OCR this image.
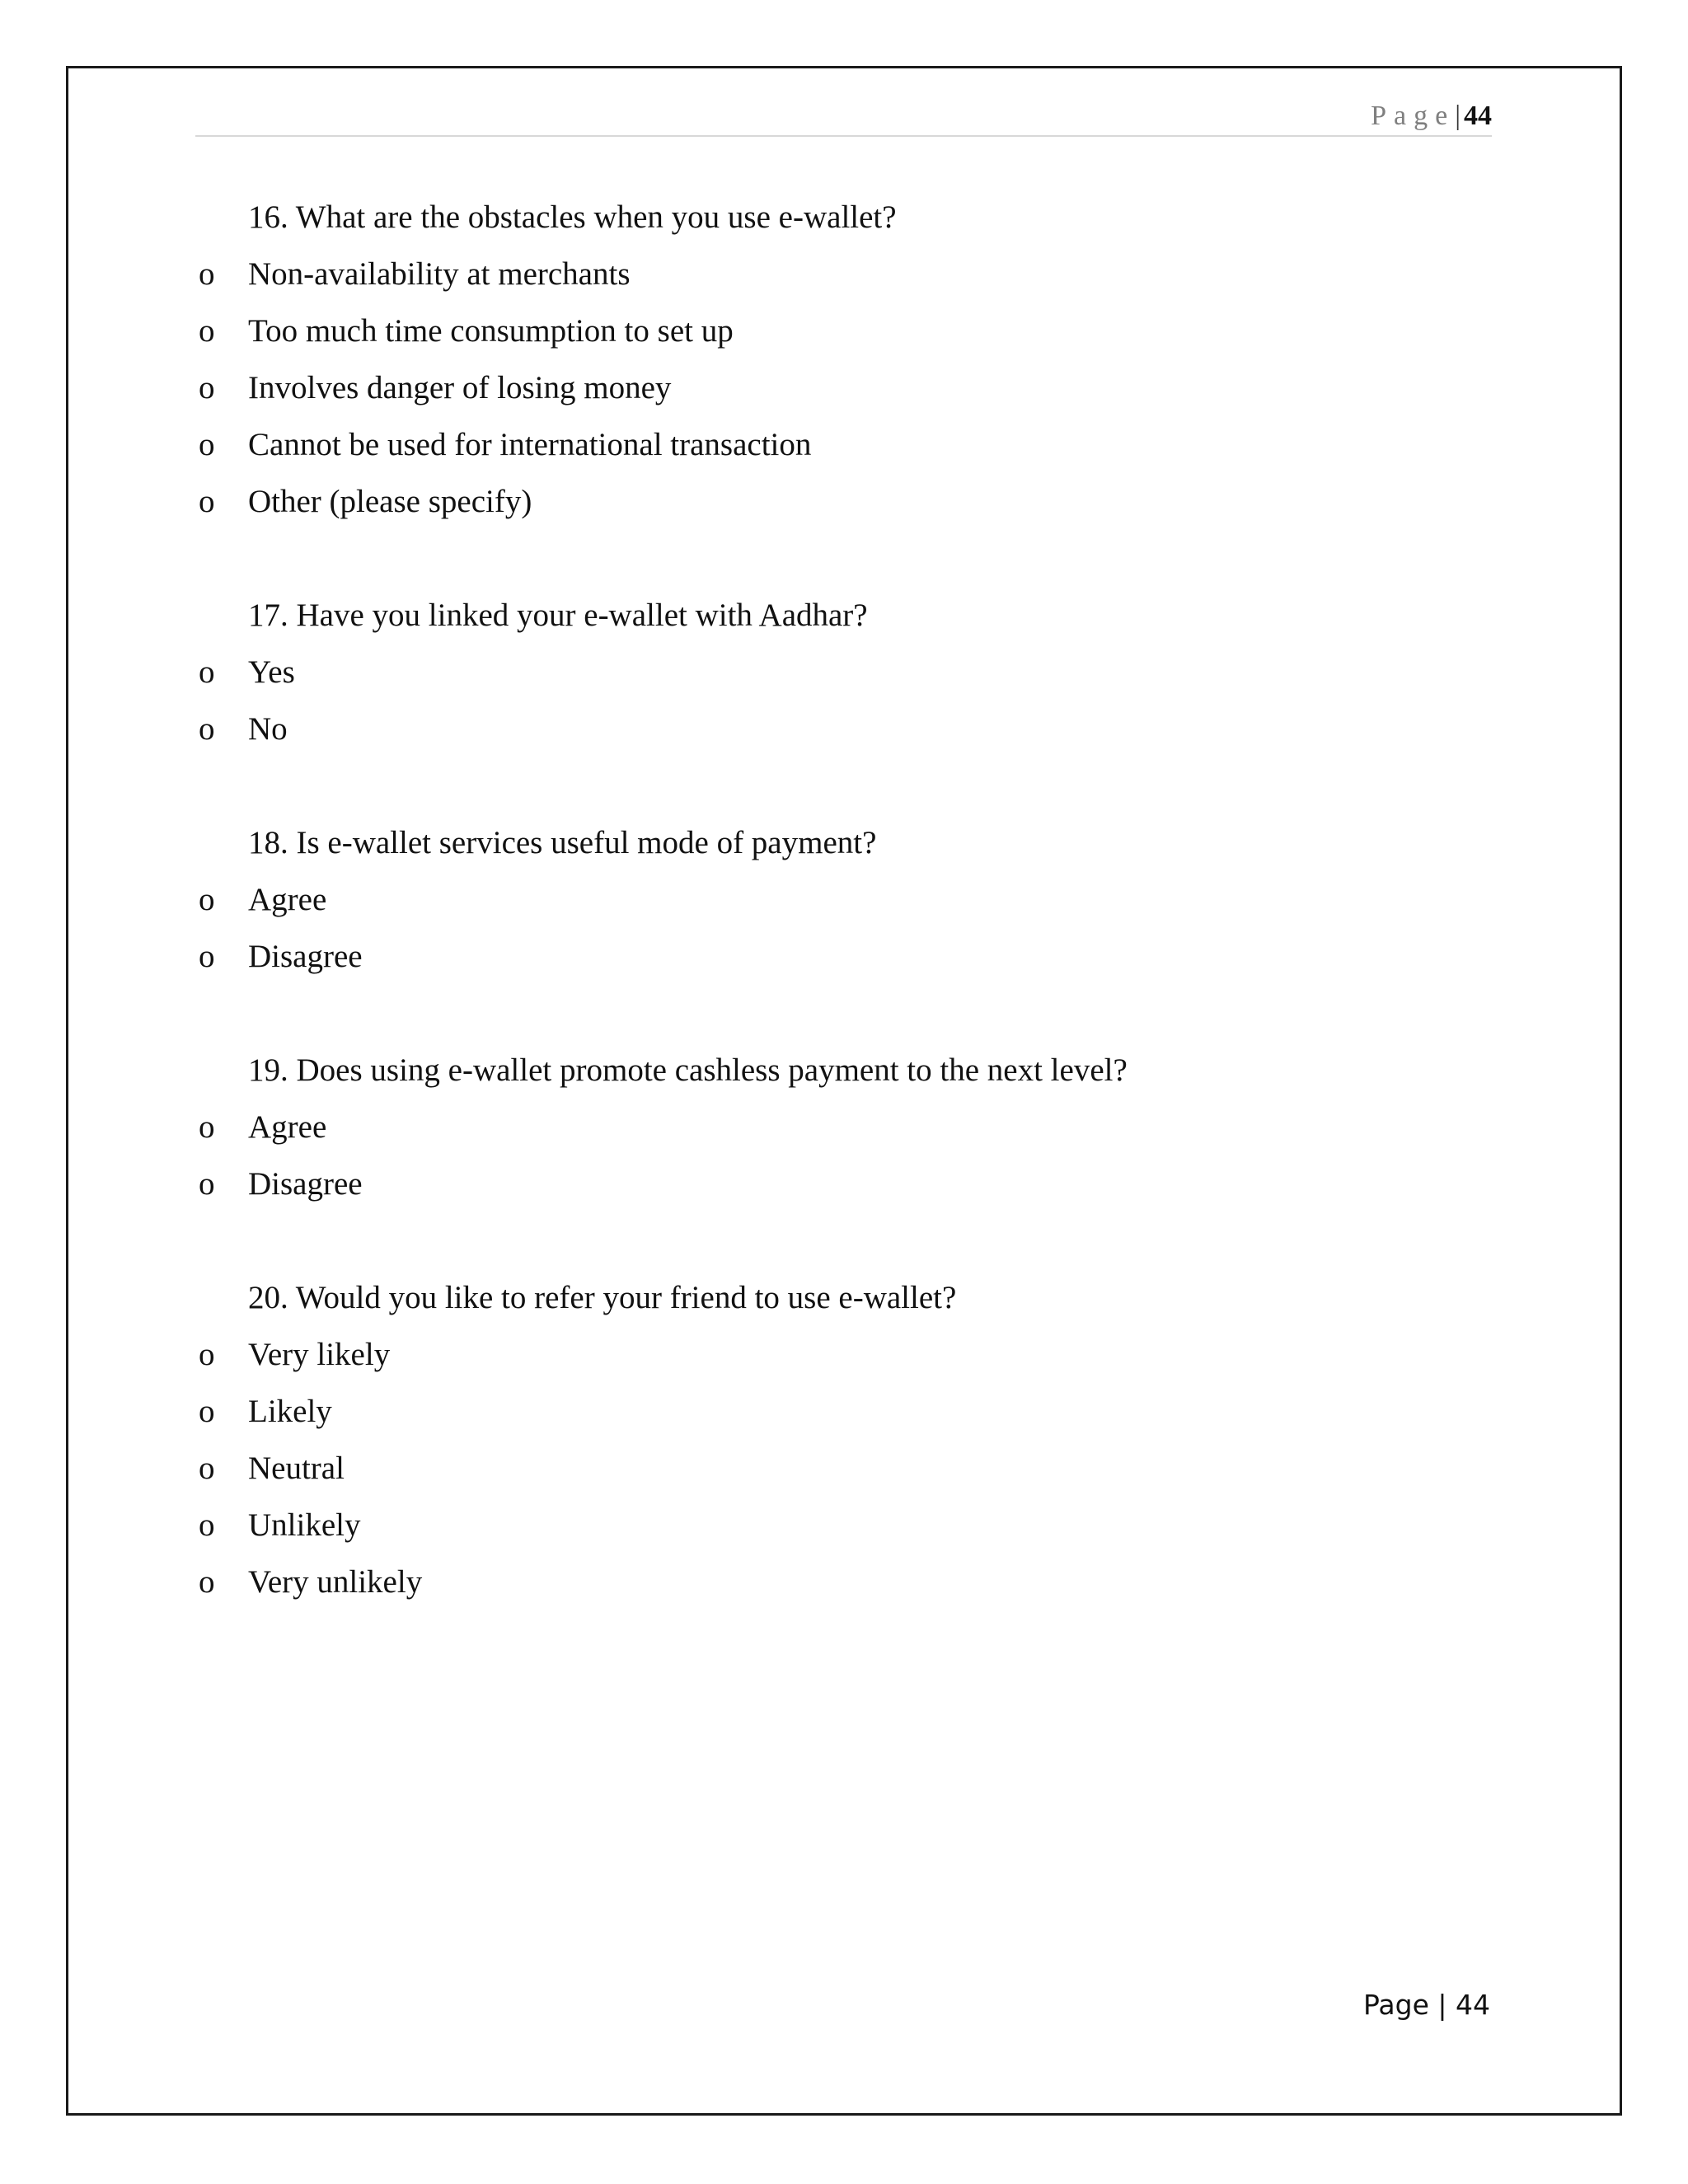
Page| 44
16. What are the obstacles when you use e-wallet?
o Non-availability at merchants
o Too much time consumption to set up
o Involves danger of losing money
o Cannot be used for international transaction
o Other (please specify)
17. Have you linked your e-wallet with Aadhar?
o Yes
o No
18. Is e-wallet services useful mode of payment?
o Agree
o Disagree
19. Does using e-wallet promote cashless payment to the next level?
o Agree
o Disagree
20. Would you like to refer your friend to use e-wallet?
o Very likely
o Likely
o Neutral
o Unlikely
o Very unlikely
Page | 44
